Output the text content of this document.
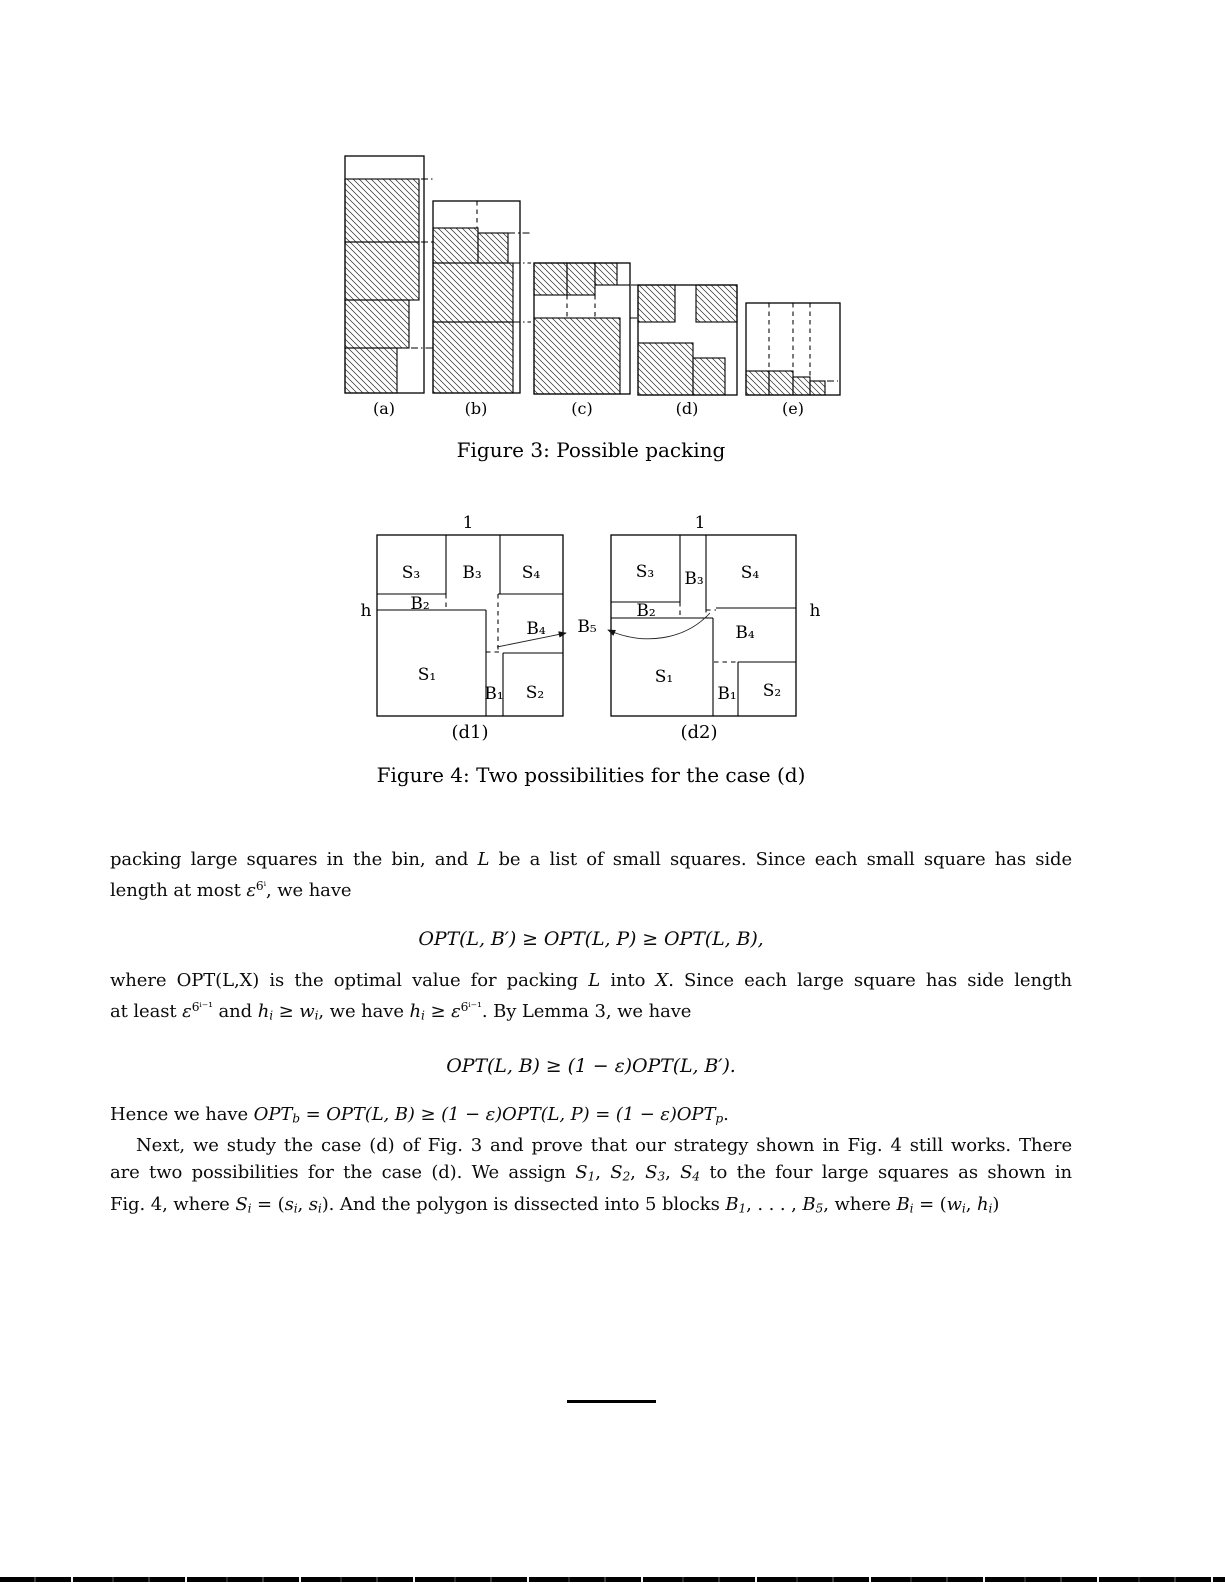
(a)	(b)	(c)	(d)	(e)
Figure 3: Possible packing
1
h
S₃ B₃ S₄
B₂
S₁
B₁ S₂
B₄
(d1)
B₅
1
h
S₃ B₃ S₄
B₂
S₁
B₁ S₂
B₄
(d2)
Figure 4: Two possibilities for the case (d)
packing large squares in the bin, and L be a list of small squares. Since each small square has side
length at most $\varepsilon^{6^i}$, we have
OPT(L, B′) ≥ OPT(L, P) ≥ OPT(L, B),
where OPT(L,X) is the optimal value for packing L into X. Since each large square has side length
at least $\varepsilon^{6^{i-1}}$ and hi ≥ wi, we have hi ≥ $\varepsilon^{6^{i-1}}$. By Lemma 3, we have
OPT(L, B) ≥ (1 − ε)OPT(L, B′).
Hence we have OPTb = OPT(L, B) ≥ (1 − ε)OPT(L, P) = (1 − ε)OPTp.
Next, we study the case (d) of Fig. 3 and prove that our strategy shown in Fig. 4 still works. There
are two possibilities for the case (d). We assign S1, S2, S3, S4 to the four large squares as shown in
Fig. 4, where Si = (si, si). And the polygon is dissected into 5 blocks B1, . . . , B5, where Bi = (wi, hi)
